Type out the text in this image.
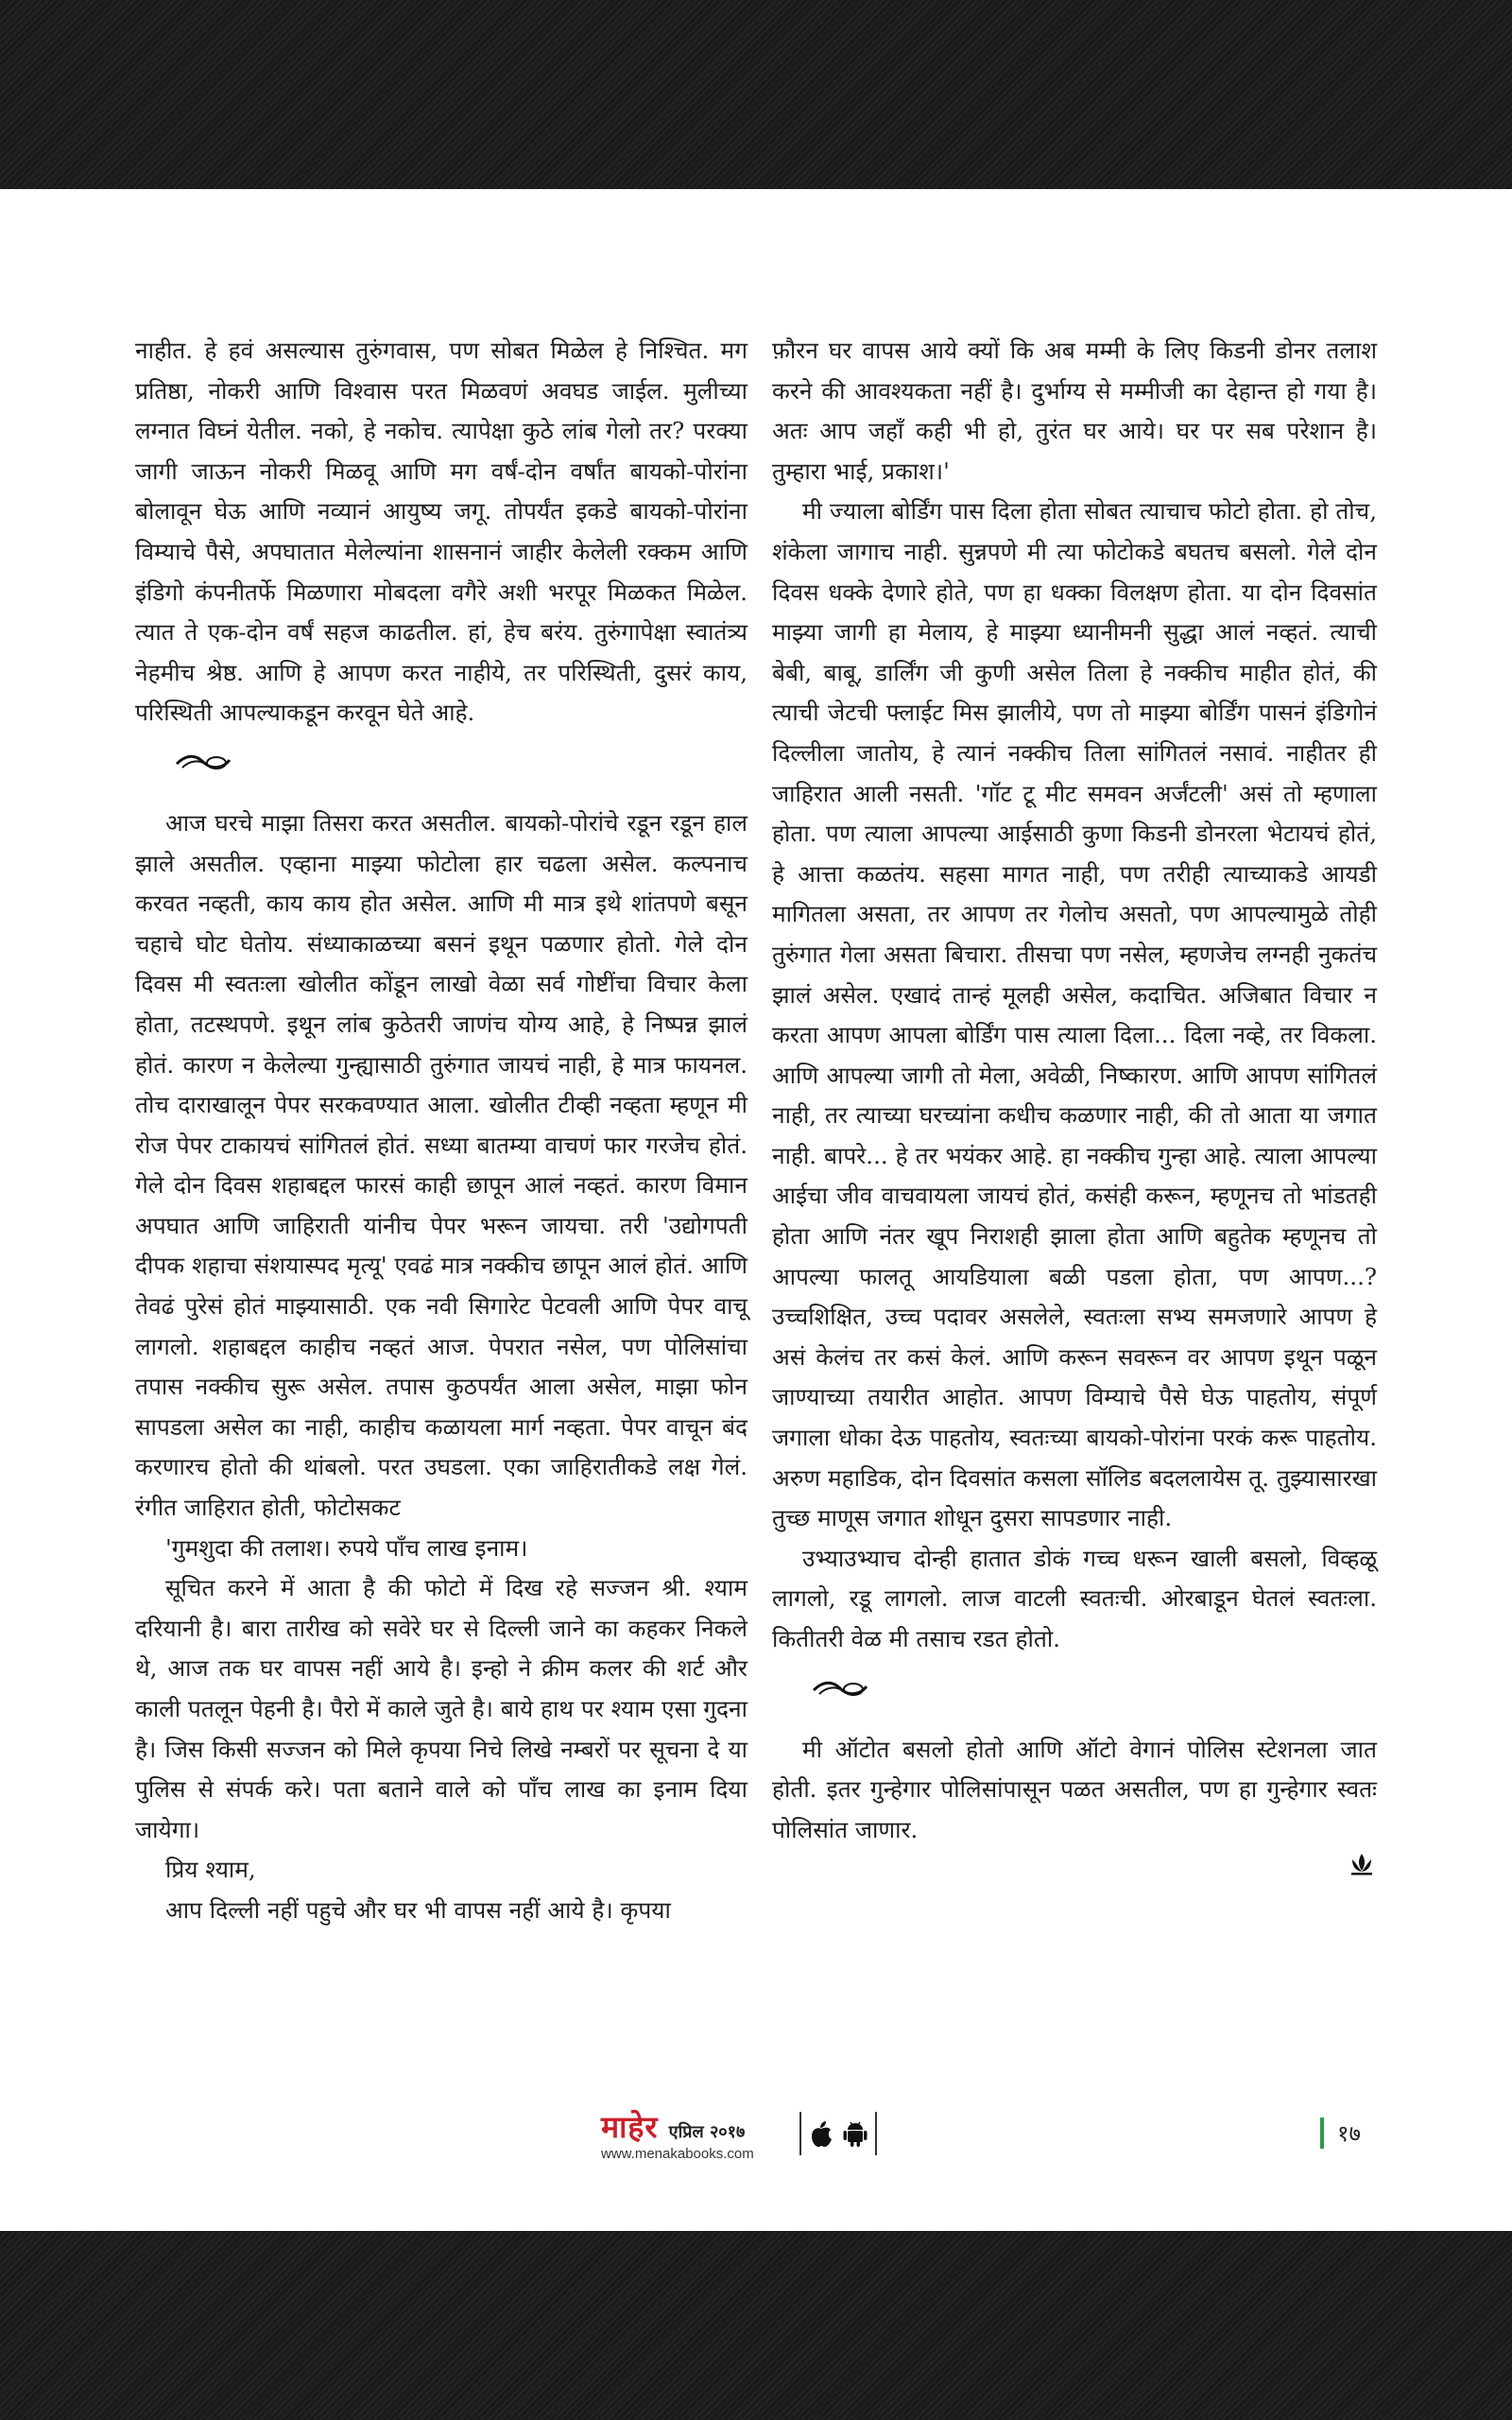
नाहीत. हे हवं असल्यास तुरुंगवास, पण सोबत मिळेल हे निश्चित. मग प्रतिष्ठा, नोकरी आणि विश्वास परत मिळवणं अवघड जाईल. मुलीच्या लग्नात विघ्नं येतील. नको, हे नकोच. त्यापेक्षा कुठे लांब गेलो तर? परक्या जागी जाऊन नोकरी मिळवू आणि मग वर्षं-दोन वर्षांत बायको-पोरांना बोलावून घेऊ आणि नव्यानं आयुष्य जगू. तोपर्यंत इकडे बायको-पोरांना विम्याचे पैसे, अपघातात मेलेल्यांना शासनानं जाहीर केलेली रक्कम आणि इंडिगो कंपनीतर्फे मिळणारा मोबदला वगैरे अशी भरपूर मिळकत मिळेल. त्यात ते एक-दोन वर्षं सहज काढतील. हां, हेच बरंय. तुरुंगापेक्षा स्वातंत्र्य नेहमीच श्रेष्ठ. आणि हे आपण करत नाहीये, तर परिस्थिती, दुसरं काय, परिस्थिती आपल्याकडून करवून घेते आहे.

आज घरचे माझा तिसरा करत असतील. बायको-पोरांचे रडून रडून हाल झाले असतील. एव्हाना माझ्या फोटोला हार चढला असेल. कल्पनाच करवत नव्हती, काय काय होत असेल. आणि मी मात्र इथे शांतपणे बसून चहाचे घोट घेतोय. संध्याकाळच्या बसनं इथून पळणार होतो. गेले दोन दिवस मी स्वतःला खोलीत कोंडून लाखो वेळा सर्व गोष्टींचा विचार केला होता, तटस्थपणे. इथून लांब कुठेतरी जाणंच योग्य आहे, हे निष्पन्न झालं होतं. कारण न केलेल्या गुन्ह्यासाठी तुरुंगात जायचं नाही, हे मात्र फायनल. तोच दाराखालून पेपर सरकवण्यात आला. खोलीत टीव्ही नव्हता म्हणून मी रोज पेपर टाकायचं सांगितलं होतं. सध्या बातम्या वाचणं फार गरजेच होतं. गेले दोन दिवस शहाबद्दल फारसं काही छापून आलं नव्हतं. कारण विमान अपघात आणि जाहिराती यांनीच पेपर भरून जायचा. तरी 'उद्योगपती दीपक शहाचा संशयास्पद मृत्यू' एवढं मात्र नक्कीच छापून आलं होतं. आणि तेवढं पुरेसं होतं माझ्यासाठी. एक नवी सिगारेट पेटवली आणि पेपर वाचू लागलो. शहाबद्दल काहीच नव्हतं आज. पेपरात नसेल, पण पोलिसांचा तपास नक्कीच सुरू असेल. तपास कुठपर्यंत आला असेल, माझा फोन सापडला असेल का नाही, काहीच कळायला मार्ग नव्हता. पेपर वाचून बंद करणारच होतो की थांबलो. परत उघडला. एका जाहिरातीकडे लक्ष गेलं. रंगीत जाहिरात होती, फोटोसकट

'गुमशुदा की तलाश। रुपये पाँच लाख इनाम।

सूचित करने में आता है की फोटो में दिख रहे सज्जन श्री. श्याम दरियानी है। बारा तारीख को सवेरे घर से दिल्ली जाने का कहकर निकले थे, आज तक घर वापस नहीं आये है। इन्हो ने क्रीम कलर की शर्ट और काली पतलून पेहनी है। पैरो में काले जुते है। बाये हाथ पर श्याम एसा गुदना है। जिस किसी सज्जन को मिले कृपया निचे लिखे नम्बरों पर सूचना दे या पुलिस से संपर्क करे। पता बताने वाले को पाँच लाख का इनाम दिया जायेगा।

प्रिय श्याम,

आप दिल्ली नहीं पहुचे और घर भी वापस नहीं आये है। कृपया

फ़ौरन घर वापस आये क्यों कि अब मम्मी के लिए किडनी डोनर तलाश करने की आवश्यकता नहीं है। दुर्भाग्य से मम्मीजी का देहान्त हो गया है। अतः आप जहाँ कही भी हो, तुरंत घर आये। घर पर सब परेशान है। तुम्हारा भाई, प्रकाश।'

मी ज्याला बोर्डिंग पास दिला होता सोबत त्याचाच फोटो होता. हो तोच, शंकेला जागाच नाही. सुन्नपणे मी त्या फोटोकडे बघतच बसलो. गेले दोन दिवस धक्के देणारे होते, पण हा धक्का विलक्षण होता. या दोन दिवसांत माझ्या जागी हा मेलाय, हे माझ्या ध्यानीमनी सुद्धा आलं नव्हतं. त्याची बेबी, बाबू, डार्लिंग जी कुणी असेल तिला हे नक्कीच माहीत होतं, की त्याची जेटची फ्लाईट मिस झालीये, पण तो माझ्या बोर्डिंग पासनं इंडिगोनं दिल्लीला जातोय, हे त्यानं नक्कीच तिला सांगितलं नसावं. नाहीतर ही जाहिरात आली नसती. 'गॉट टू मीट समवन अर्जंटली' असं तो म्हणाला होता. पण त्याला आपल्या आईसाठी कुणा किडनी डोनरला भेटायचं होतं, हे आत्ता कळतंय. सहसा मागत नाही, पण तरीही त्याच्याकडे आयडी मागितला असता, तर आपण तर गेलोच असतो, पण आपल्यामुळे तोही तुरुंगात गेला असता बिचारा. तीसचा पण नसेल, म्हणजेच लग्नही नुकतंच झालं असेल. एखादं तान्हं मूलही असेल, कदाचित. अजिबात विचार न करता आपण आपला बोर्डिंग पास त्याला दिला... दिला नव्हे, तर विकला. आणि आपल्या जागी तो मेला, अवेळी, निष्कारण. आणि आपण सांगितलं नाही, तर त्याच्या घरच्यांना कधीच कळणार नाही, की तो आता या जगात नाही. बापरे... हे तर भयंकर आहे. हा नक्कीच गुन्हा आहे. त्याला आपल्या आईचा जीव वाचवायला जायचं होतं, कसंही करून, म्हणूनच तो भांडतही होता आणि नंतर खूप निराशही झाला होता आणि बहुतेक म्हणूनच तो आपल्या फालतू आयडियाला बळी पडला होता, पण आपण...? उच्चशिक्षित, उच्च पदावर असलेले, स्वतःला सभ्य समजणारे आपण हे असं केलंच तर कसं केलं. आणि करून सवरून वर आपण इथून पळून जाण्याच्या तयारीत आहोत. आपण विम्याचे पैसे घेऊ पाहतोय, संपूर्ण जगाला धोका देऊ पाहतोय, स्वतःच्या बायको-पोरांना परकं करू पाहतोय. अरुण महाडिक, दोन दिवसांत कसला सॉलिड बदललायेस तू. तुझ्यासारखा तुच्छ माणूस जगात शोधून दुसरा सापडणार नाही.

उभ्याउभ्याच दोन्ही हातात डोकं गच्च धरून खाली बसलो, विव्हळू लागलो, रडू लागलो. लाज वाटली स्वतःची. ओरबाडून घेतलं स्वतःला. कितीतरी वेळ मी तसाच रडत होतो.

मी ऑटोत बसलो होतो आणि ऑटो वेगानं पोलिस स्टेशनला जात होती. इतर गुन्हेगार पोलिसांपासून पळत असतील, पण हा गुन्हेगार स्वतः पोलिसांत जाणार.

माहेर एप्रिल २०१७
www.menakabooks.com
१७
